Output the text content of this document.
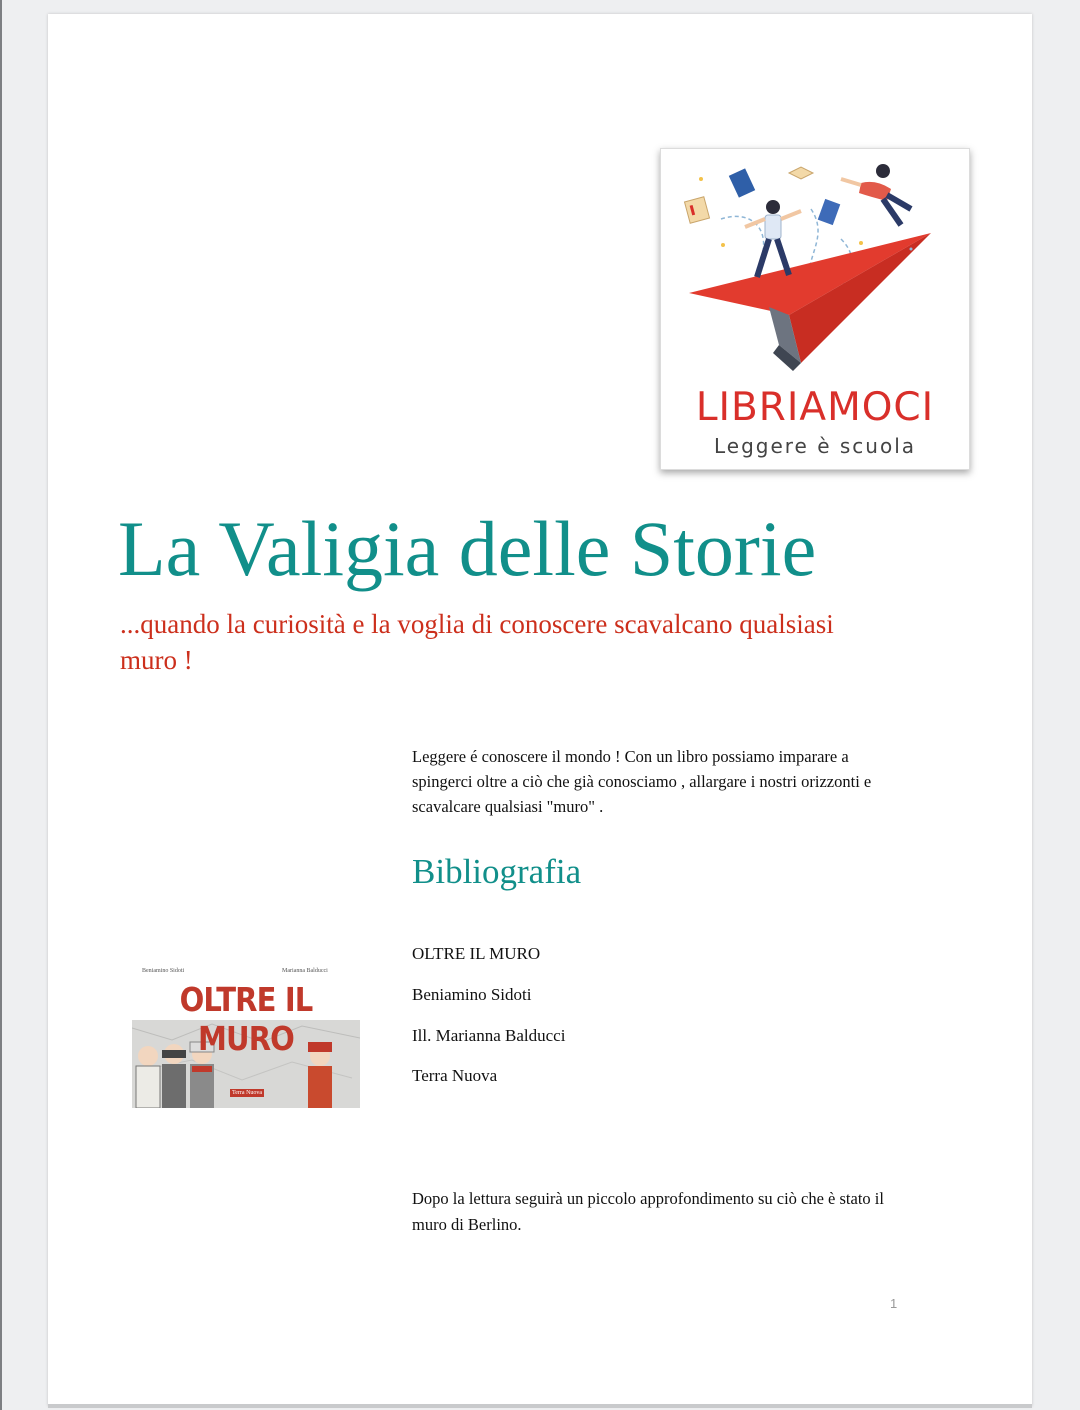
LIBRIAMOCI
Leggere è scuola
La Valigia delle Storie

...quando la curiosità e la voglia di conoscere scavalcano qualsiasi muro !

Leggere é conoscere il mondo ! Con un libro possiamo imparare a spingerci oltre a ciò che già conosciamo , allargare i nostri orizzonti e scavalcare qualsiasi "muro" .

Bibliografia
Beniamino Sidoti	Marianna Balducci
OLTRE IL MURO
Terra Nuova

OLTRE IL MURO

Beniamino Sidoti

Ill. Marianna Balducci

Terra Nuova

Dopo la lettura seguirà un piccolo approfondimento su ciò che è stato il muro di Berlino.

1
